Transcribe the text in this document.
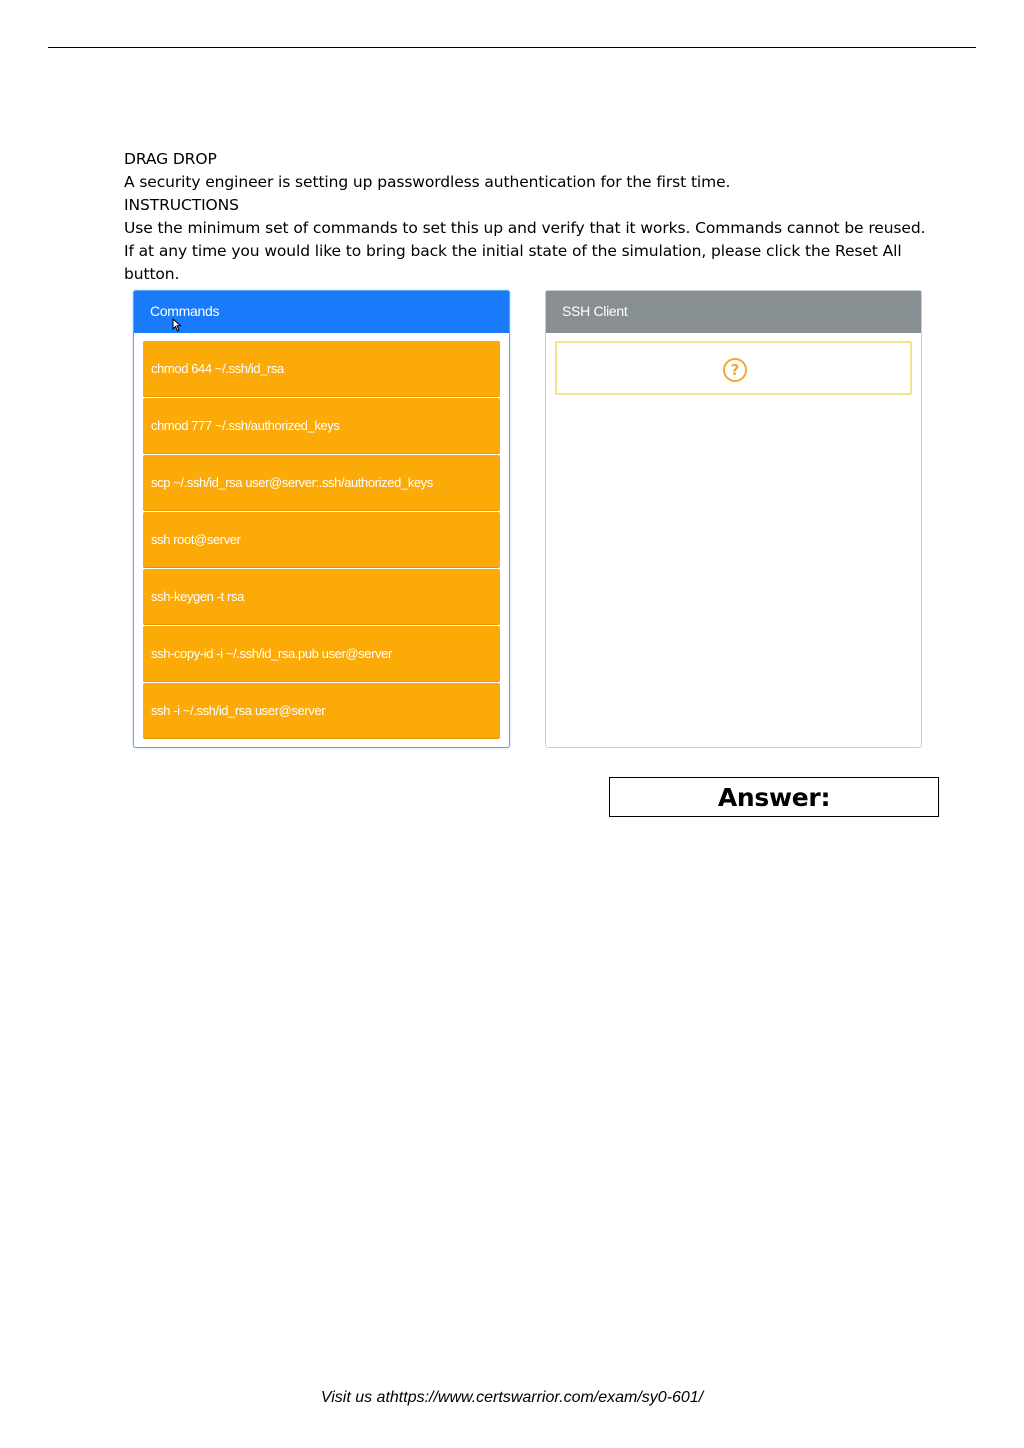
DRAG DROP

A security engineer is setting up passwordless authentication for the first time.

INSTRUCTIONS

Use the minimum set of commands to set this up and verify that it works. Commands cannot be reused.

If at any time you would like to bring back the initial state of the simulation, please click the Reset All

button.

Commands
chmod 644 ~/.ssh/id_rsa
chmod 777 ~/.ssh/authorized_keys
scp ~/.ssh/id_rsa user@server:.ssh/authorized_keys
ssh root@server
ssh-keygen -t rsa
ssh-copy-id -i ~/.ssh/id_rsa.pub user@server
ssh -i ~/.ssh/id_rsa user@server
SSH Client
?
Answer:
Visit us athttps://www.certswarrior.com/exam/sy0-601/
